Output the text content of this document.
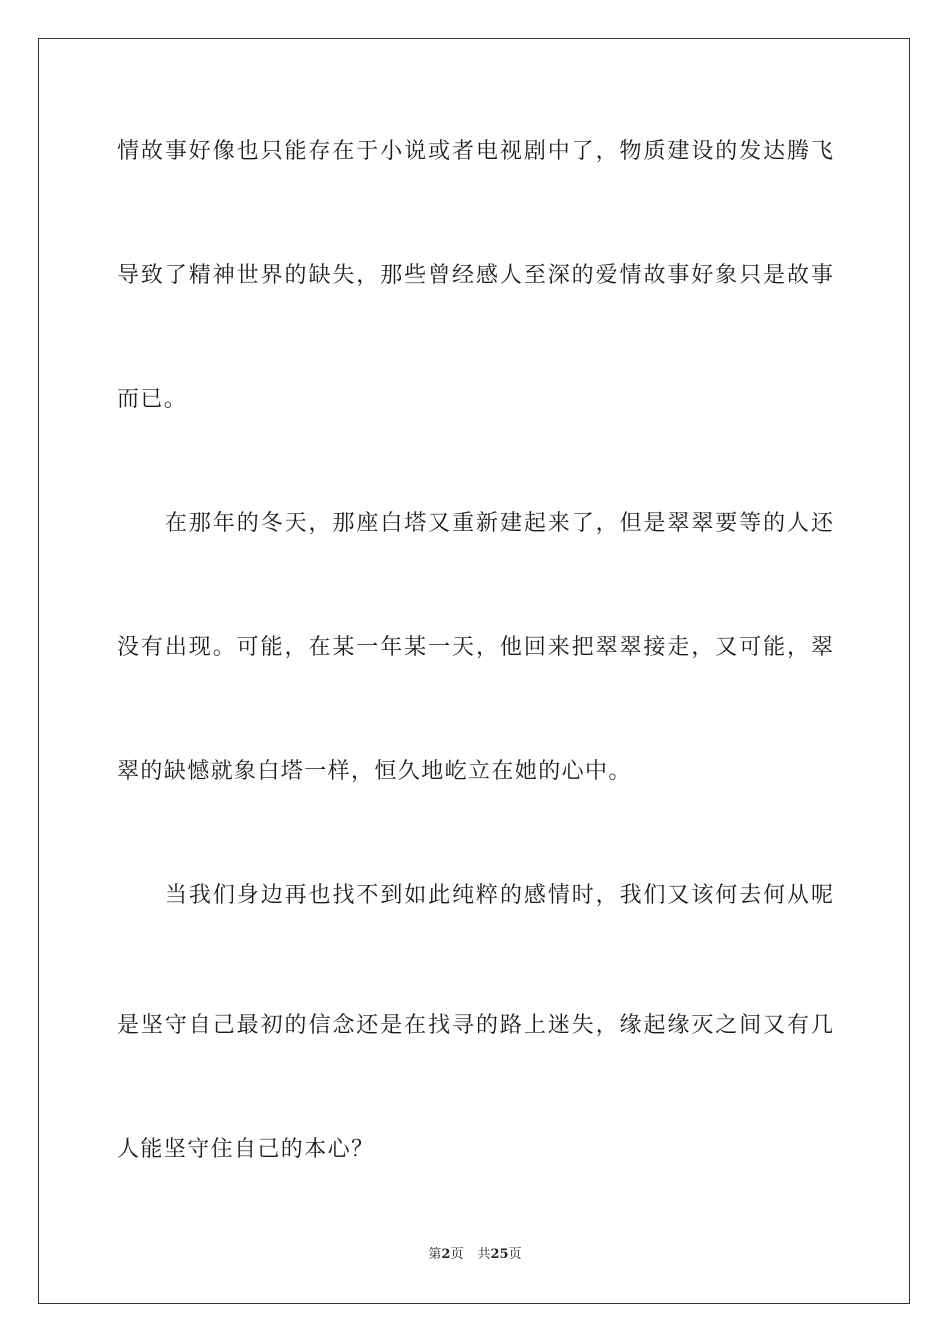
情故事好像也只能存在于小说或者电视剧中了，物质建设的发达腾飞
导致了精神世界的缺失，那些曾经感人至深的爱情故事好象只是故事
而已。
在那年的冬天，那座白塔又重新建起来了，但是翠翠要等的人还
没有出现。可能，在某一年某一天，他回来把翠翠接走，又可能，翠
翠的缺憾就象白塔一样，恒久地屹立在她的心中。
当我们身边再也找不到如此纯粹的感情时，我们又该何去何从呢
是坚守自己最初的信念还是在找寻的路上迷失，缘起缘灭之间又有几
人能坚守住自己的本心？
第2页 共25页
